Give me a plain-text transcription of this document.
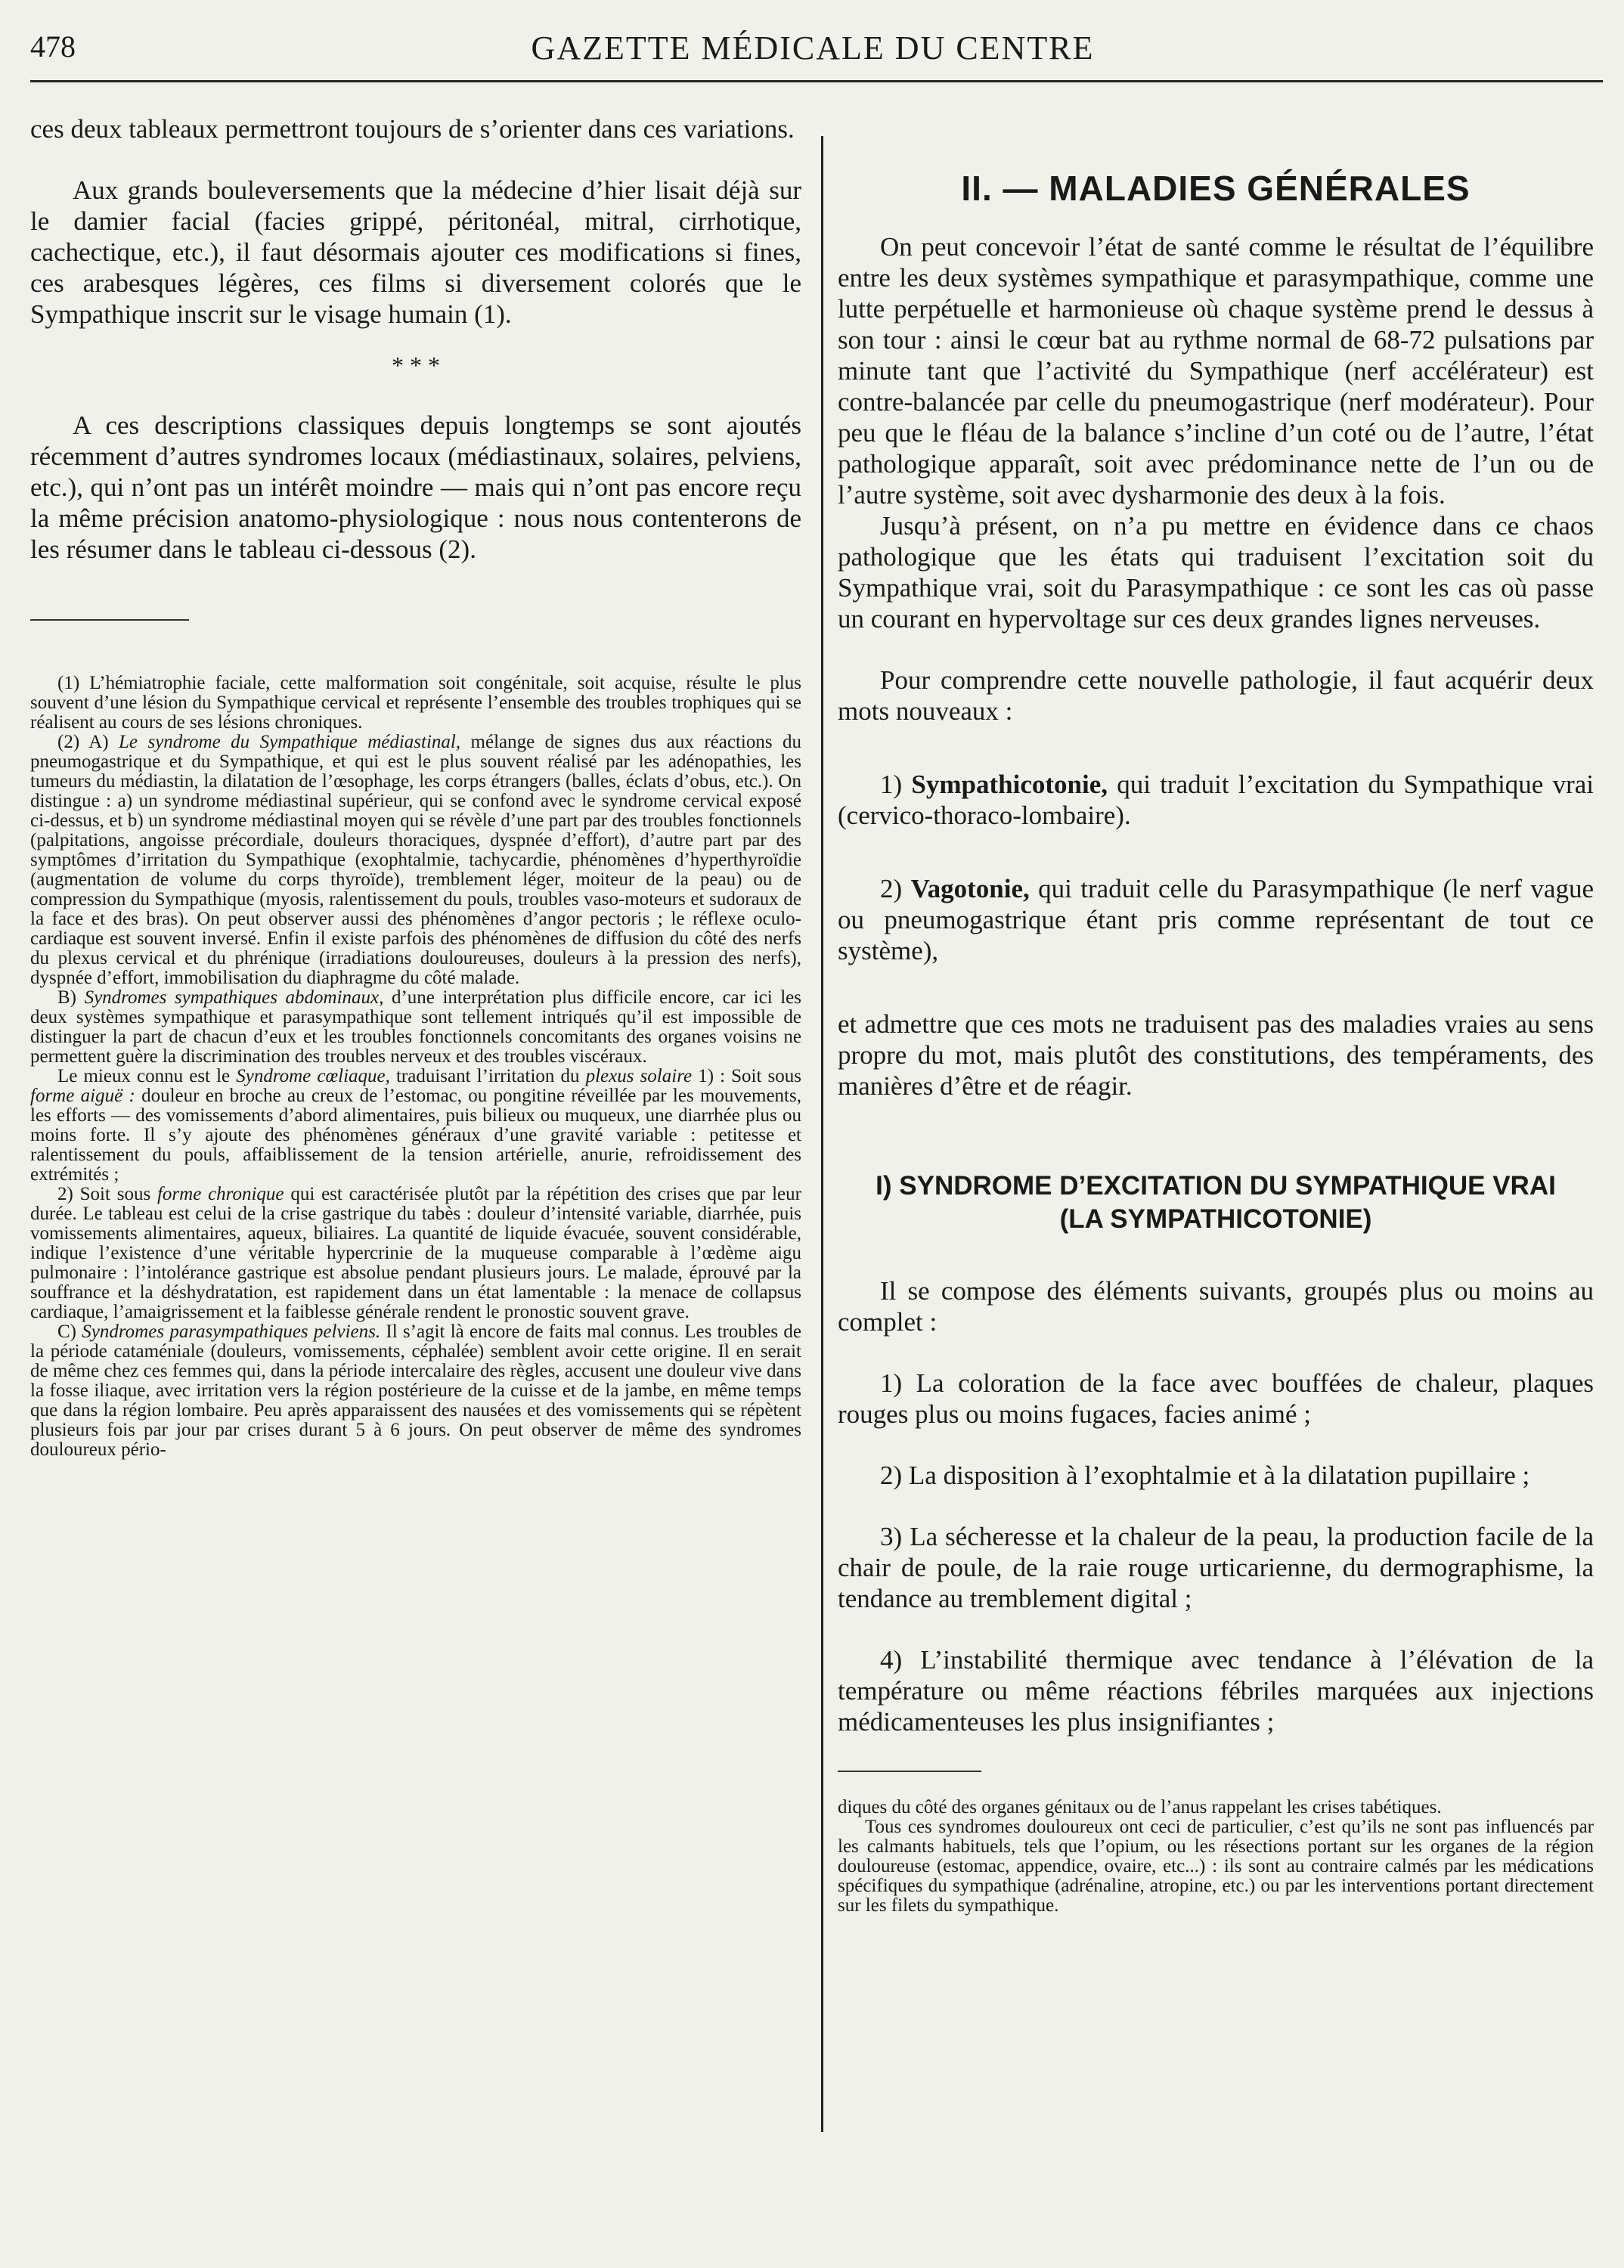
478	GAZETTE MÉDICALE DU CENTRE

ces deux tableaux permettront toujours de s’orienter dans ces variations.

Aux grands bouleversements que la médecine d’hier lisait déjà sur le damier facial (facies grippé, péritonéal, mitral, cirrhotique, cachectique, etc.), il faut désormais ajouter ces modifications si fines, ces arabesques légères, ces films si diversement colorés que le Sympathique inscrit sur le visage humain (1).

* * *

A ces descriptions classiques depuis longtemps se sont ajoutés récemment d’autres syndromes locaux (médiastinaux, solaires, pelviens, etc.), qui n’ont pas un intérêt moindre — mais qui n’ont pas encore reçu la même précision anatomo-physiologique : nous nous contenterons de les résumer dans le tableau ci-dessous (2).

(1) L’hémiatrophie faciale, cette malformation soit congénitale, soit acquise, résulte le plus souvent d’une lésion du Sympathique cervical et représente l’ensemble des troubles trophiques qui se réalisent au cours de ses lésions chroniques.

(2) A) Le syndrome du Sympathique médiastinal, mélange de signes dus aux réactions du pneumogastrique et du Sympathique, et qui est le plus souvent réalisé par les adénopathies, les tumeurs du médiastin, la dilatation de l’œsophage, les corps étrangers (balles, éclats d’obus, etc.). On distingue : a) un syndrome médiastinal supérieur, qui se confond avec le syndrome cervical exposé ci-dessus, et b) un syndrome médiastinal moyen qui se révèle d’une part par des troubles fonctionnels (palpitations, angoisse précordiale, douleurs thoraciques, dyspnée d’effort), d’autre part par des symptômes d’irritation du Sympathique (exophtalmie, tachycardie, phénomènes d’hyperthyroïdie (augmentation de volume du corps thyroïde), tremblement léger, moiteur de la peau) ou de compression du Sympathique (myosis, ralentissement du pouls, troubles vaso-moteurs et sudoraux de la face et des bras). On peut observer aussi des phénomènes d’angor pectoris ; le réflexe oculo-cardiaque est souvent inversé. Enfin il existe parfois des phénomènes de diffusion du côté des nerfs du plexus cervical et du phrénique (irradiations douloureuses, douleurs à la pression des nerfs), dyspnée d’effort, immobilisation du diaphragme du côté malade.

B) Syndromes sympathiques abdominaux, d’une interprétation plus difficile encore, car ici les deux systèmes sympathique et parasympathique sont tellement intriqués qu’il est impossible de distinguer la part de chacun d’eux et les troubles fonctionnels concomitants des organes voisins ne permettent guère la discrimination des troubles nerveux et des troubles viscéraux.

Le mieux connu est le Syndrome cœliaque, traduisant l’irritation du plexus solaire 1) : Soit sous forme aiguë : douleur en broche au creux de l’estomac, ou pongitine réveillée par les mouvements, les efforts — des vomissements d’abord alimentaires, puis bilieux ou muqueux, une diarrhée plus ou moins forte. Il s’y ajoute des phénomènes généraux d’une gravité variable : petitesse et ralentissement du pouls, affaiblissement de la tension artérielle, anurie, refroidissement des extrémités ;

2) Soit sous forme chronique qui est caractérisée plutôt par la répétition des crises que par leur durée. Le tableau est celui de la crise gastrique du tabès : douleur d’intensité variable, diarrhée, puis vomissements alimentaires, aqueux, biliaires. La quantité de liquide évacuée, souvent considérable, indique l’existence d’une véritable hypercrinie de la muqueuse comparable à l’œdème aigu pulmonaire : l’intolérance gastrique est absolue pendant plusieurs jours. Le malade, éprouvé par la souffrance et la déshydratation, est rapidement dans un état lamentable : la menace de collapsus cardiaque, l’amaigrissement et la faiblesse générale rendent le pronostic souvent grave.

C) Syndromes parasympathiques pelviens. Il s’agit là encore de faits mal connus. Les troubles de la période cataméniale (douleurs, vomissements, céphalée) semblent avoir cette origine. Il en serait de même chez ces femmes qui, dans la période intercalaire des règles, accusent une douleur vive dans la fosse iliaque, avec irritation vers la région postérieure de la cuisse et de la jambe, en même temps que dans la région lombaire. Peu après apparaissent des nausées et des vomissements qui se répètent plusieurs fois par jour par crises durant 5 à 6 jours. On peut observer de même des syndromes douloureux pério-

II. — MALADIES GÉNÉRALES

On peut concevoir l’état de santé comme le résultat de l’équilibre entre les deux systèmes sympathique et parasympathique, comme une lutte perpétuelle et harmonieuse où chaque système prend le dessus à son tour : ainsi le cœur bat au rythme normal de 68-72 pulsations par minute tant que l’activité du Sympathique (nerf accélérateur) est contre-balancée par celle du pneumogastrique (nerf modérateur). Pour peu que le fléau de la balance s’incline d’un coté ou de l’autre, l’état pathologique apparaît, soit avec prédominance nette de l’un ou de l’autre système, soit avec dysharmonie des deux à la fois.

Jusqu’à présent, on n’a pu mettre en évidence dans ce chaos pathologique que les états qui traduisent l’excitation soit du Sympathique vrai, soit du Parasympathique : ce sont les cas où passe un courant en hypervoltage sur ces deux grandes lignes nerveuses.

Pour comprendre cette nouvelle pathologie, il faut acquérir deux mots nouveaux :

1) Sympathicotonie, qui traduit l’excitation du Sympathique vrai (cervico-thoraco-lombaire).

2) Vagotonie, qui traduit celle du Parasympathique (le nerf vague ou pneumogastrique étant pris comme représentant de tout ce système),

et admettre que ces mots ne traduisent pas des maladies vraies au sens propre du mot, mais plutôt des constitutions, des tempéraments, des manières d’être et de réagir.

I) SYNDROME D’EXCITATION DU SYMPATHIQUE VRAI
(LA SYMPATHICOTONIE)

Il se compose des éléments suivants, groupés plus ou moins au complet :

1) La coloration de la face avec bouffées de chaleur, plaques rouges plus ou moins fugaces, facies animé ;

2) La disposition à l’exophtalmie et à la dilatation pupillaire ;

3) La sécheresse et la chaleur de la peau, la production facile de la chair de poule, de la raie rouge urticarienne, du dermographisme, la tendance au tremblement digital ;

4) L’instabilité thermique avec tendance à l’élévation de la température ou même réactions fébriles marquées aux injections médicamenteuses les plus insignifiantes ;

diques du côté des organes génitaux ou de l’anus rappelant les crises tabétiques.

Tous ces syndromes douloureux ont ceci de particulier, c’est qu’ils ne sont pas influencés par les calmants habituels, tels que l’opium, ou les résections portant sur les organes de la région douloureuse (estomac, appendice, ovaire, etc...) : ils sont au contraire calmés par les médications spécifiques du sympathique (adrénaline, atropine, etc.) ou par les interventions portant directement sur les filets du sympathique.
